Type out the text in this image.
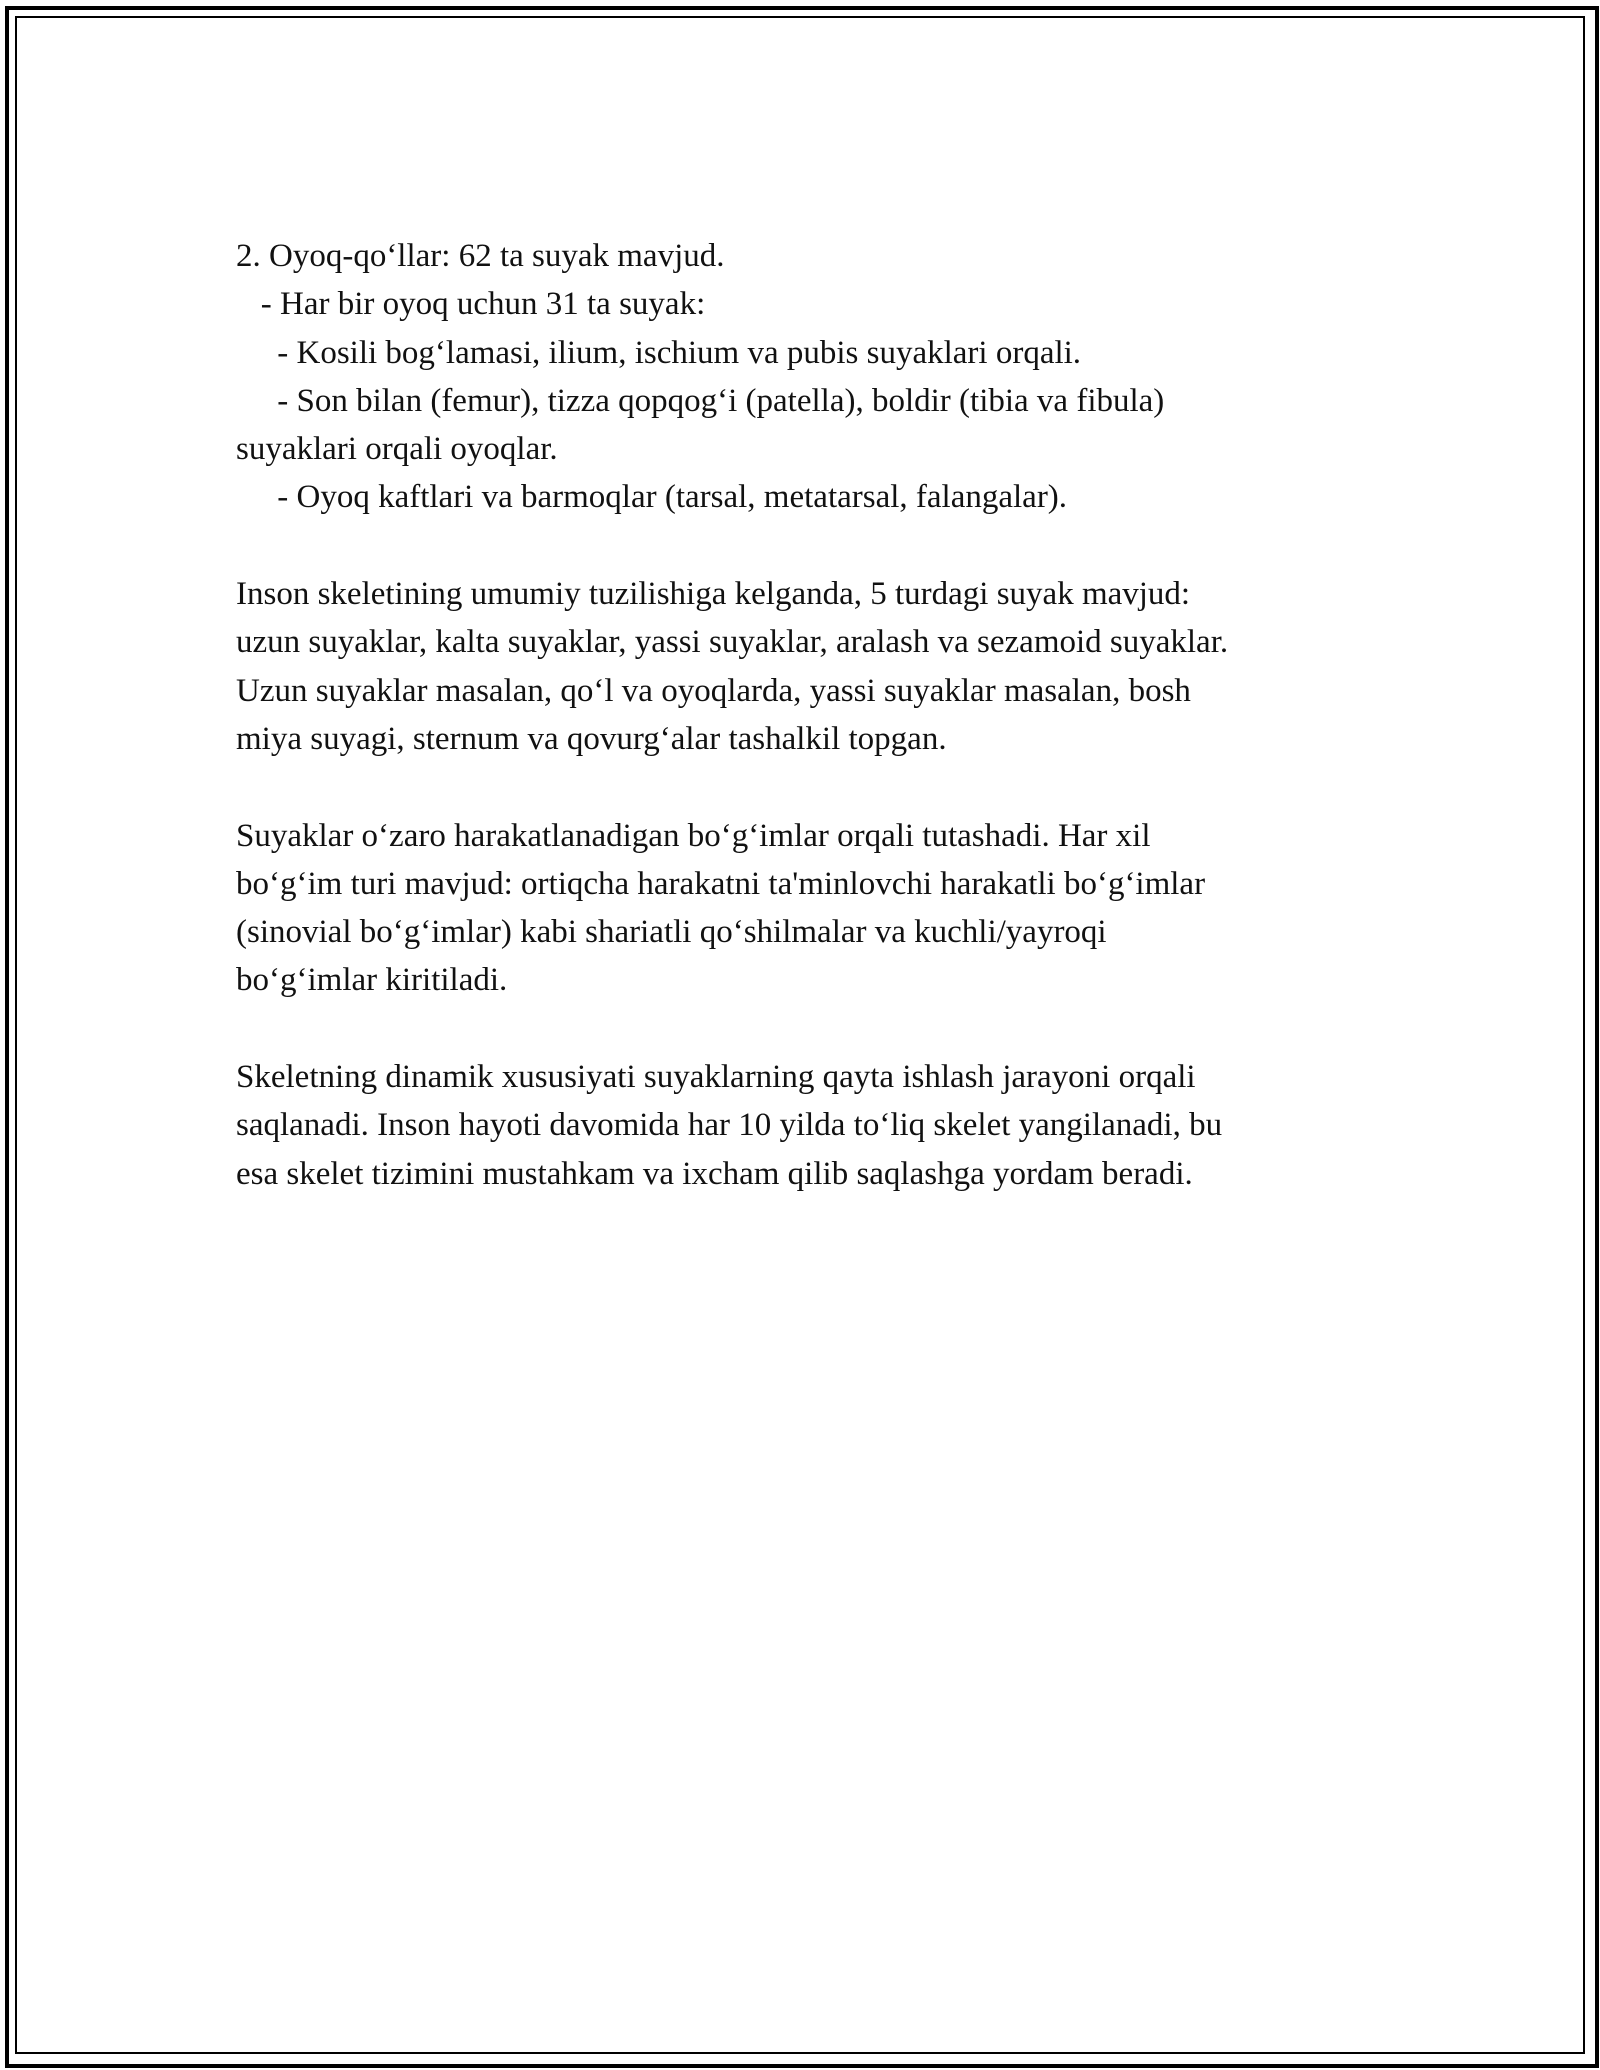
2. Oyoq-qo‘llar: 62 ta suyak mavjud.

- Har bir oyoq uchun 31 ta suyak:

- Kosili bog‘lamasi, ilium, ischium va pubis suyaklari orqali.

- Son bilan (femur), tizza qopqog‘i (patella), boldir (tibia va fibula)

suyaklari orqali oyoqlar.

- Oyoq kaftlari va barmoqlar (tarsal, metatarsal, falangalar).

Inson skeletining umumiy tuzilishiga kelganda, 5 turdagi suyak mavjud:

uzun suyaklar, kalta suyaklar, yassi suyaklar, aralash va sezamoid suyaklar.

Uzun suyaklar masalan, qo‘l va oyoqlarda, yassi suyaklar masalan, bosh

miya suyagi, sternum va qovurg‘alar tashalkil topgan.

Suyaklar o‘zaro harakatlanadigan bo‘g‘imlar orqali tutashadi. Har xil

bo‘g‘im turi mavjud: ortiqcha harakatni ta'minlovchi harakatli bo‘g‘imlar

(sinovial bo‘g‘imlar) kabi shariatli qo‘shilmalar va kuchli/yayroqi

bo‘g‘imlar kiritiladi.

Skeletning dinamik xususiyati suyaklarning qayta ishlash jarayoni orqali

saqlanadi. Inson hayoti davomida har 10 yilda to‘liq skelet yangilanadi, bu

esa skelet tizimini mustahkam va ixcham qilib saqlashga yordam beradi.
